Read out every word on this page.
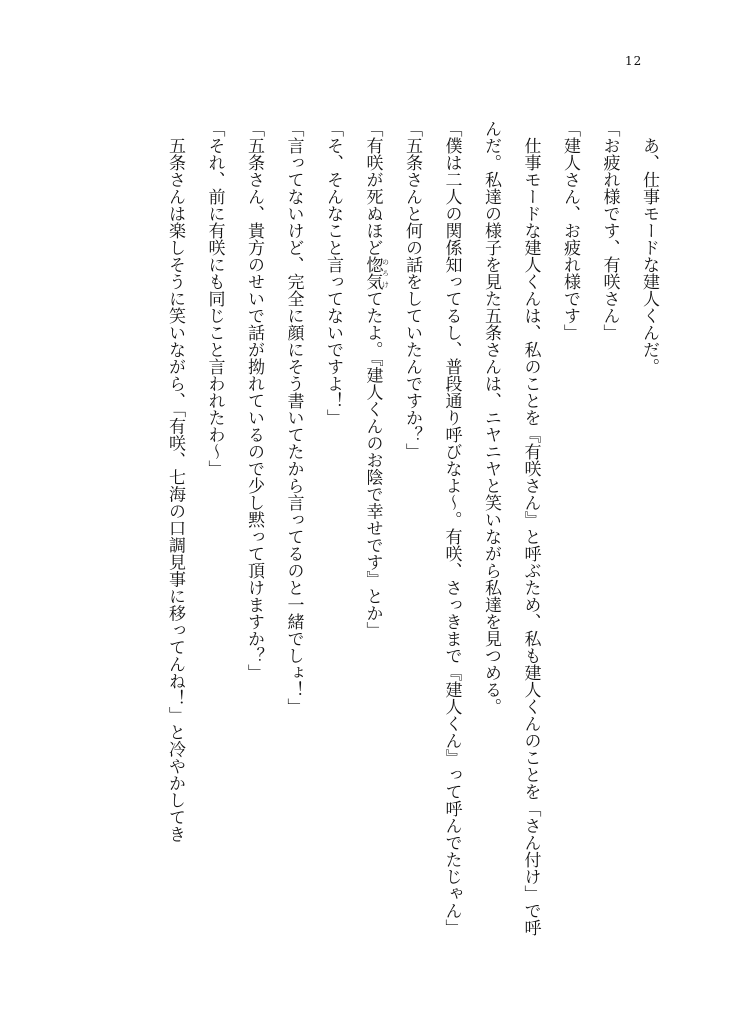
12
　あ、仕事モードな建人くんだ。
「お疲れ様です、有咲さん」
「建人さん、お疲れ様です」
　仕事モードな建人くんは、私のことを『有咲さん』と呼ぶため、私も建人くんのことを「さん付け」で呼んだ。私達の様子を見た五条さんは、ニヤニヤと笑いながら私達を見つめる。
「僕は二人の関係知ってるし、普段通り呼びなよ〜。有咲、さっきまで『建人くん』って呼んでたじゃん」
「五条さんと何の話をしていたんですか？」
「有咲が死ぬほど惚気 のろけてたよ。『建人くんのお陰で幸せです』とか」
「そ、そんなこと言ってないですよ！」
「言ってないけど、完全に顔にそう書いてたから言ってるのと一緒でしょ！」
「五条さん、貴方のせいで話が拗れているので少し黙って頂けますか？」
「それ、前に有咲にも同じこと言われたわ〜」
　五条さんは楽しそうに笑いながら、「有咲、七海の口調見事に移ってんね！」と冷やかしてき
